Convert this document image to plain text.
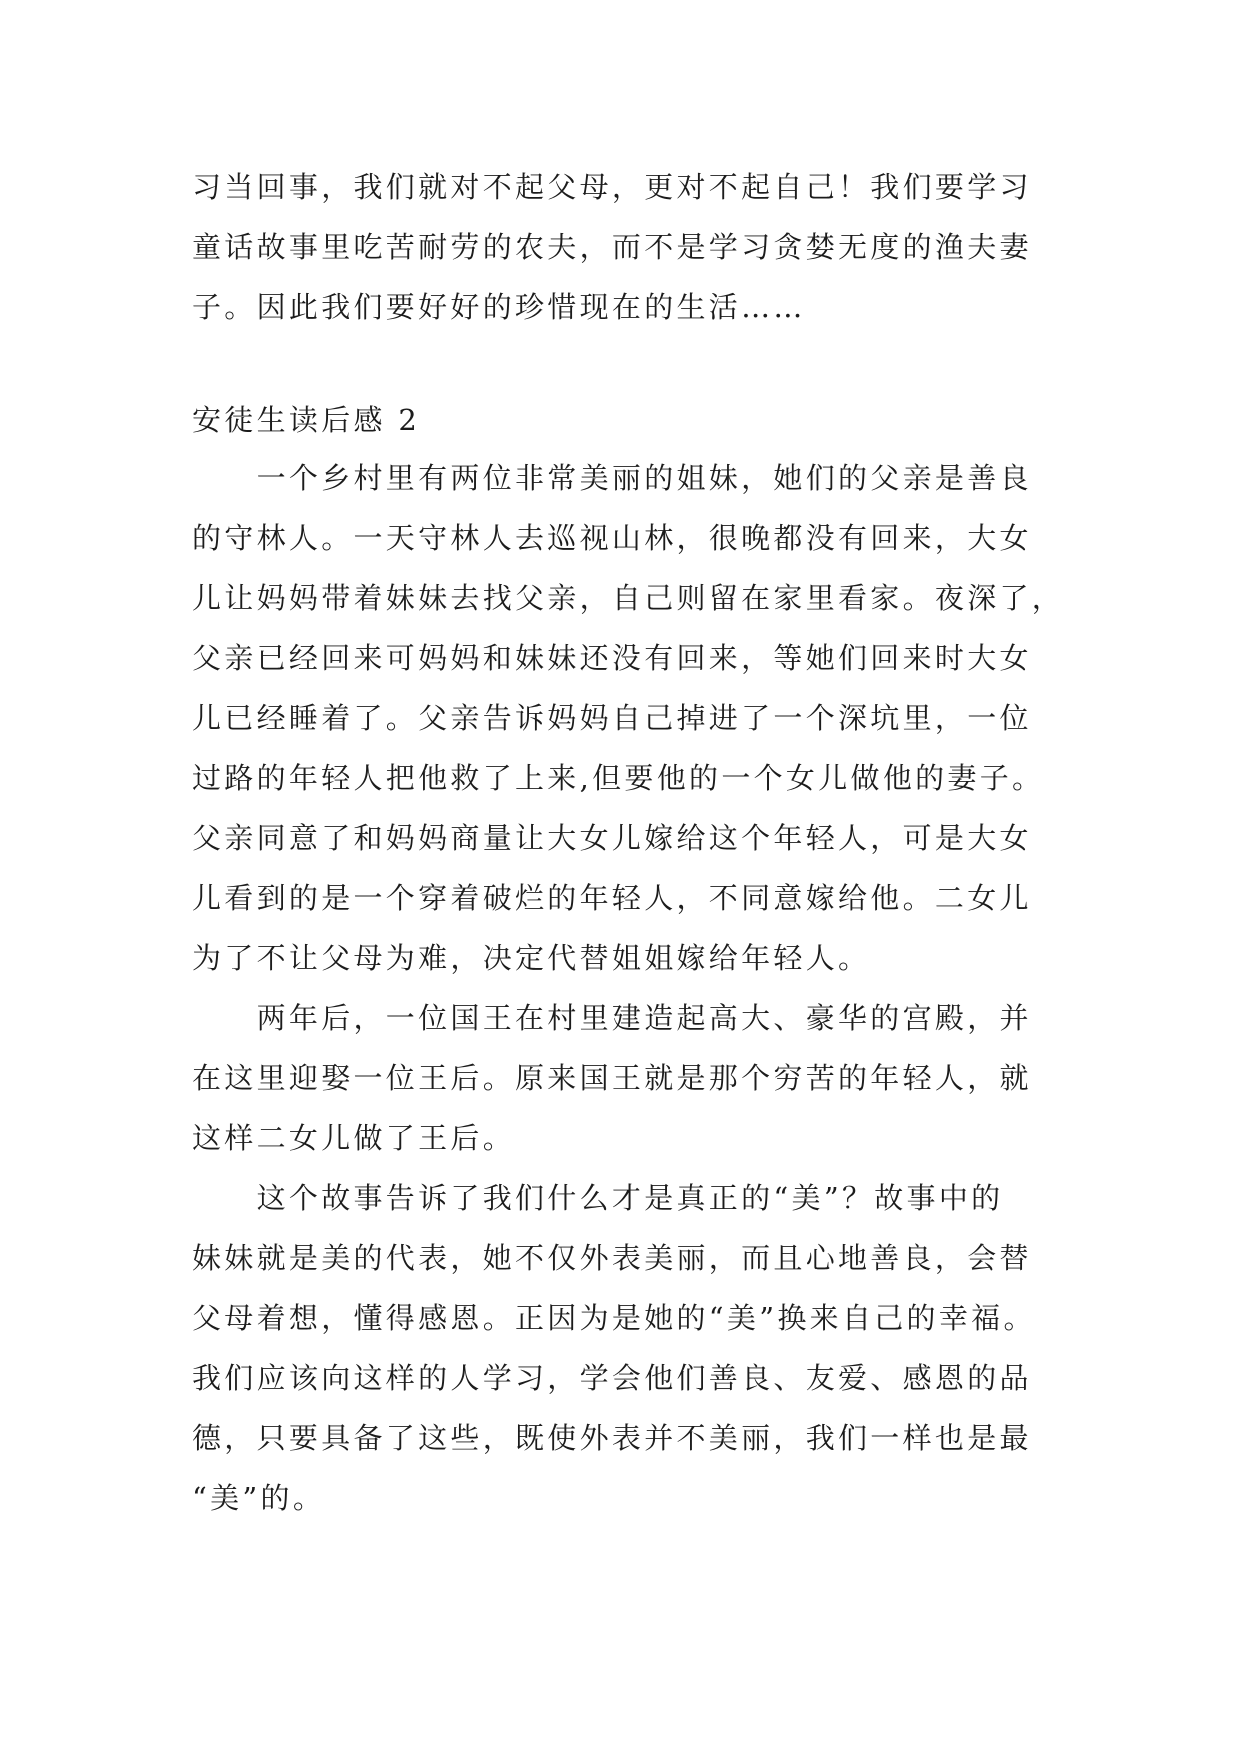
习当回事，我们就对不起父母，更对不起自己！我们要学习
童话故事里吃苦耐劳的农夫，而不是学习贪婪无度的渔夫妻
子。因此我们要好好的珍惜现在的生活……
安徒生读后感 2
　　一个乡村里有两位非常美丽的姐妹，她们的父亲是善良
的守林人。一天守林人去巡视山林，很晚都没有回来，大女
儿让妈妈带着妹妹去找父亲，自己则留在家里看家。夜深了，
父亲已经回来可妈妈和妹妹还没有回来，等她们回来时大女
儿已经睡着了。父亲告诉妈妈自己掉进了一个深坑里，一位
过路的年轻人把他救了上来,但要他的一个女儿做他的妻子。
父亲同意了和妈妈商量让大女儿嫁给这个年轻人，可是大女
儿看到的是一个穿着破烂的年轻人，不同意嫁给他。二女儿
为了不让父母为难，决定代替姐姐嫁给年轻人。
　　两年后，一位国王在村里建造起高大、豪华的宫殿，并
在这里迎娶一位王后。原来国王就是那个穷苦的年轻人，就
这样二女儿做了王后。
　　这个故事告诉了我们什么才是真正的“美”？故事中的
妹妹就是美的代表，她不仅外表美丽，而且心地善良，会替
父母着想，懂得感恩。正因为是她的“美”换来自己的幸福。
我们应该向这样的人学习，学会他们善良、友爱、感恩的品
德，只要具备了这些，既使外表并不美丽，我们一样也是最
“美”的。
